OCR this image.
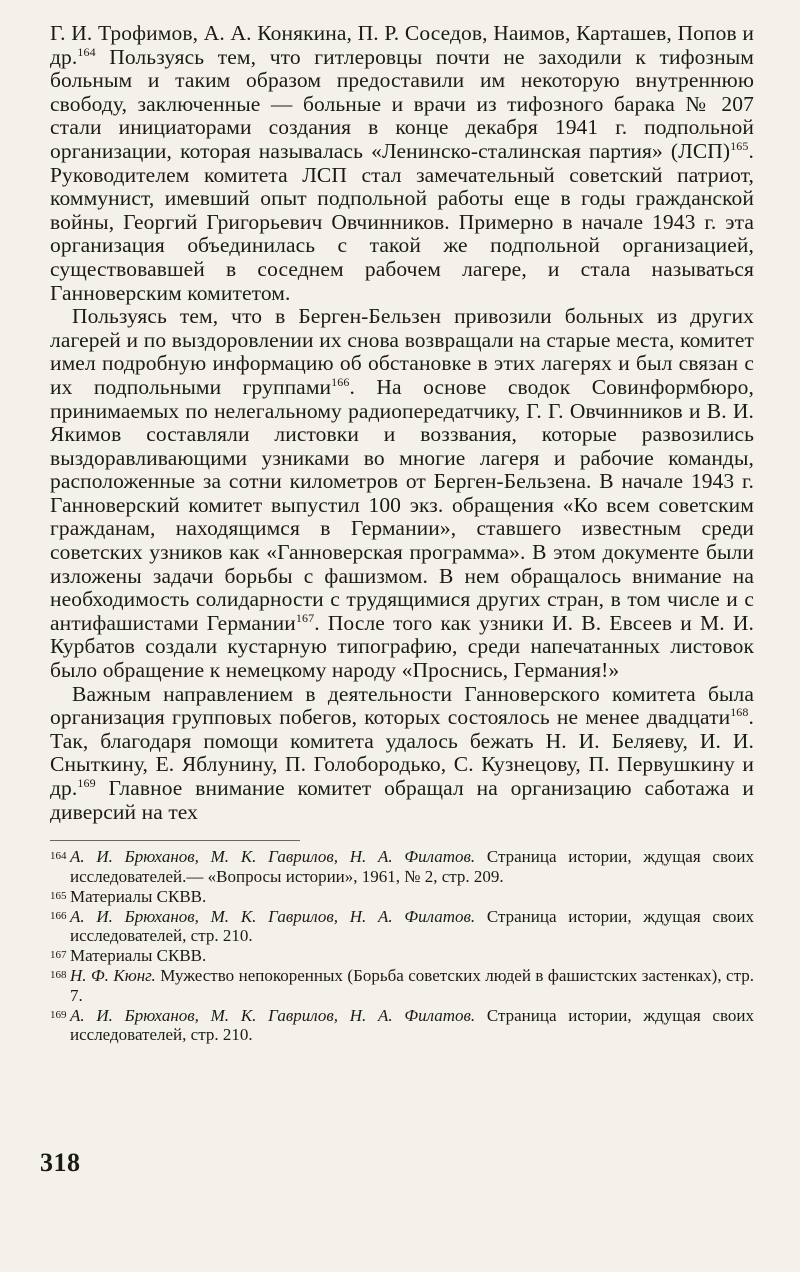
Г. И. Трофимов, А. А. Конякина, П. Р. Соседов, Наимов, Карташев, Попов и др.$^{164}$ Пользуясь тем, что гитлеровцы почти не заходили к тифозным больным и таким образом предоставили им некоторую внутреннюю свободу, заключенные — больные и врачи из тифозного барака № 207 стали инициаторами создания в конце декабря 1941 г. подпольной организации, которая называлась «Ленинско-сталинская партия» (ЛСП)$^{165}$. Руководителем комитета ЛСП стал замечательный советский патриот, коммунист, имевший опыт подпольной работы еще в годы гражданской войны, Георгий Григорьевич Овчинников. Примерно в начале 1943 г. эта организация объединилась с такой же подпольной организацией, существовавшей в соседнем рабочем лагере, и стала называться Ганноверским комитетом.

Пользуясь тем, что в Берген-Бельзен привозили больных из других лагерей и по выздоровлении их снова возвращали на старые места, комитет имел подробную информацию об обстановке в этих лагерях и был связан с их подпольными группами$^{166}$. На основе сводок Совинформбюро, принимаемых по нелегальному радиопередатчику, Г. Г. Овчинников и В. И. Якимов составляли листовки и воззвания, которые развозились выздоравливающими узниками во многие лагеря и рабочие команды, расположенные за сотни километров от Берген-Бельзена. В начале 1943 г. Ганноверский комитет выпустил 100 экз. обращения «Ко всем советским гражданам, находящимся в Германии», ставшего известным среди советских узников как «Ганноверская программа». В этом документе были изложены задачи борьбы с фашизмом. В нем обращалось внимание на необходимость солидарности с трудящимися других стран, в том числе и с антифашистами Германии$^{167}$. После того как узники И. В. Евсеев и М. И. Курбатов создали кустарную типографию, среди напечатанных листовок было обращение к немецкому народу «Проснись, Германия!»

Важным направлением в деятельности Ганноверского комитета была организация групповых побегов, которых состоялось не менее двадцати$^{168}$. Так, благодаря помощи комитета удалось бежать Н. И. Беляеву, И. И. Сныткину, Е. Яблунину, П. Голобородько, С. Кузнецову, П. Первушкину и др.$^{169}$ Главное внимание комитет обращал на организацию саботажа и диверсий на тех

164 А. И. Брюханов, М. К. Гаврилов, Н. А. Филатов. Страница истории, ждущая своих исследователей.— «Вопросы истории», 1961, № 2, стр. 209.

165 Материалы СКВВ.

166 А. И. Брюханов, М. К. Гаврилов, Н. А. Филатов. Страница истории, ждущая своих исследователей, стр. 210.

167 Материалы СКВВ.

168 Н. Ф. Кюнг. Мужество непокоренных (Борьба советских людей в фашистских застенках), стр. 7.

169 А. И. Брюханов, М. К. Гаврилов, Н. А. Филатов. Страница истории, ждущая своих исследователей, стр. 210.

318
